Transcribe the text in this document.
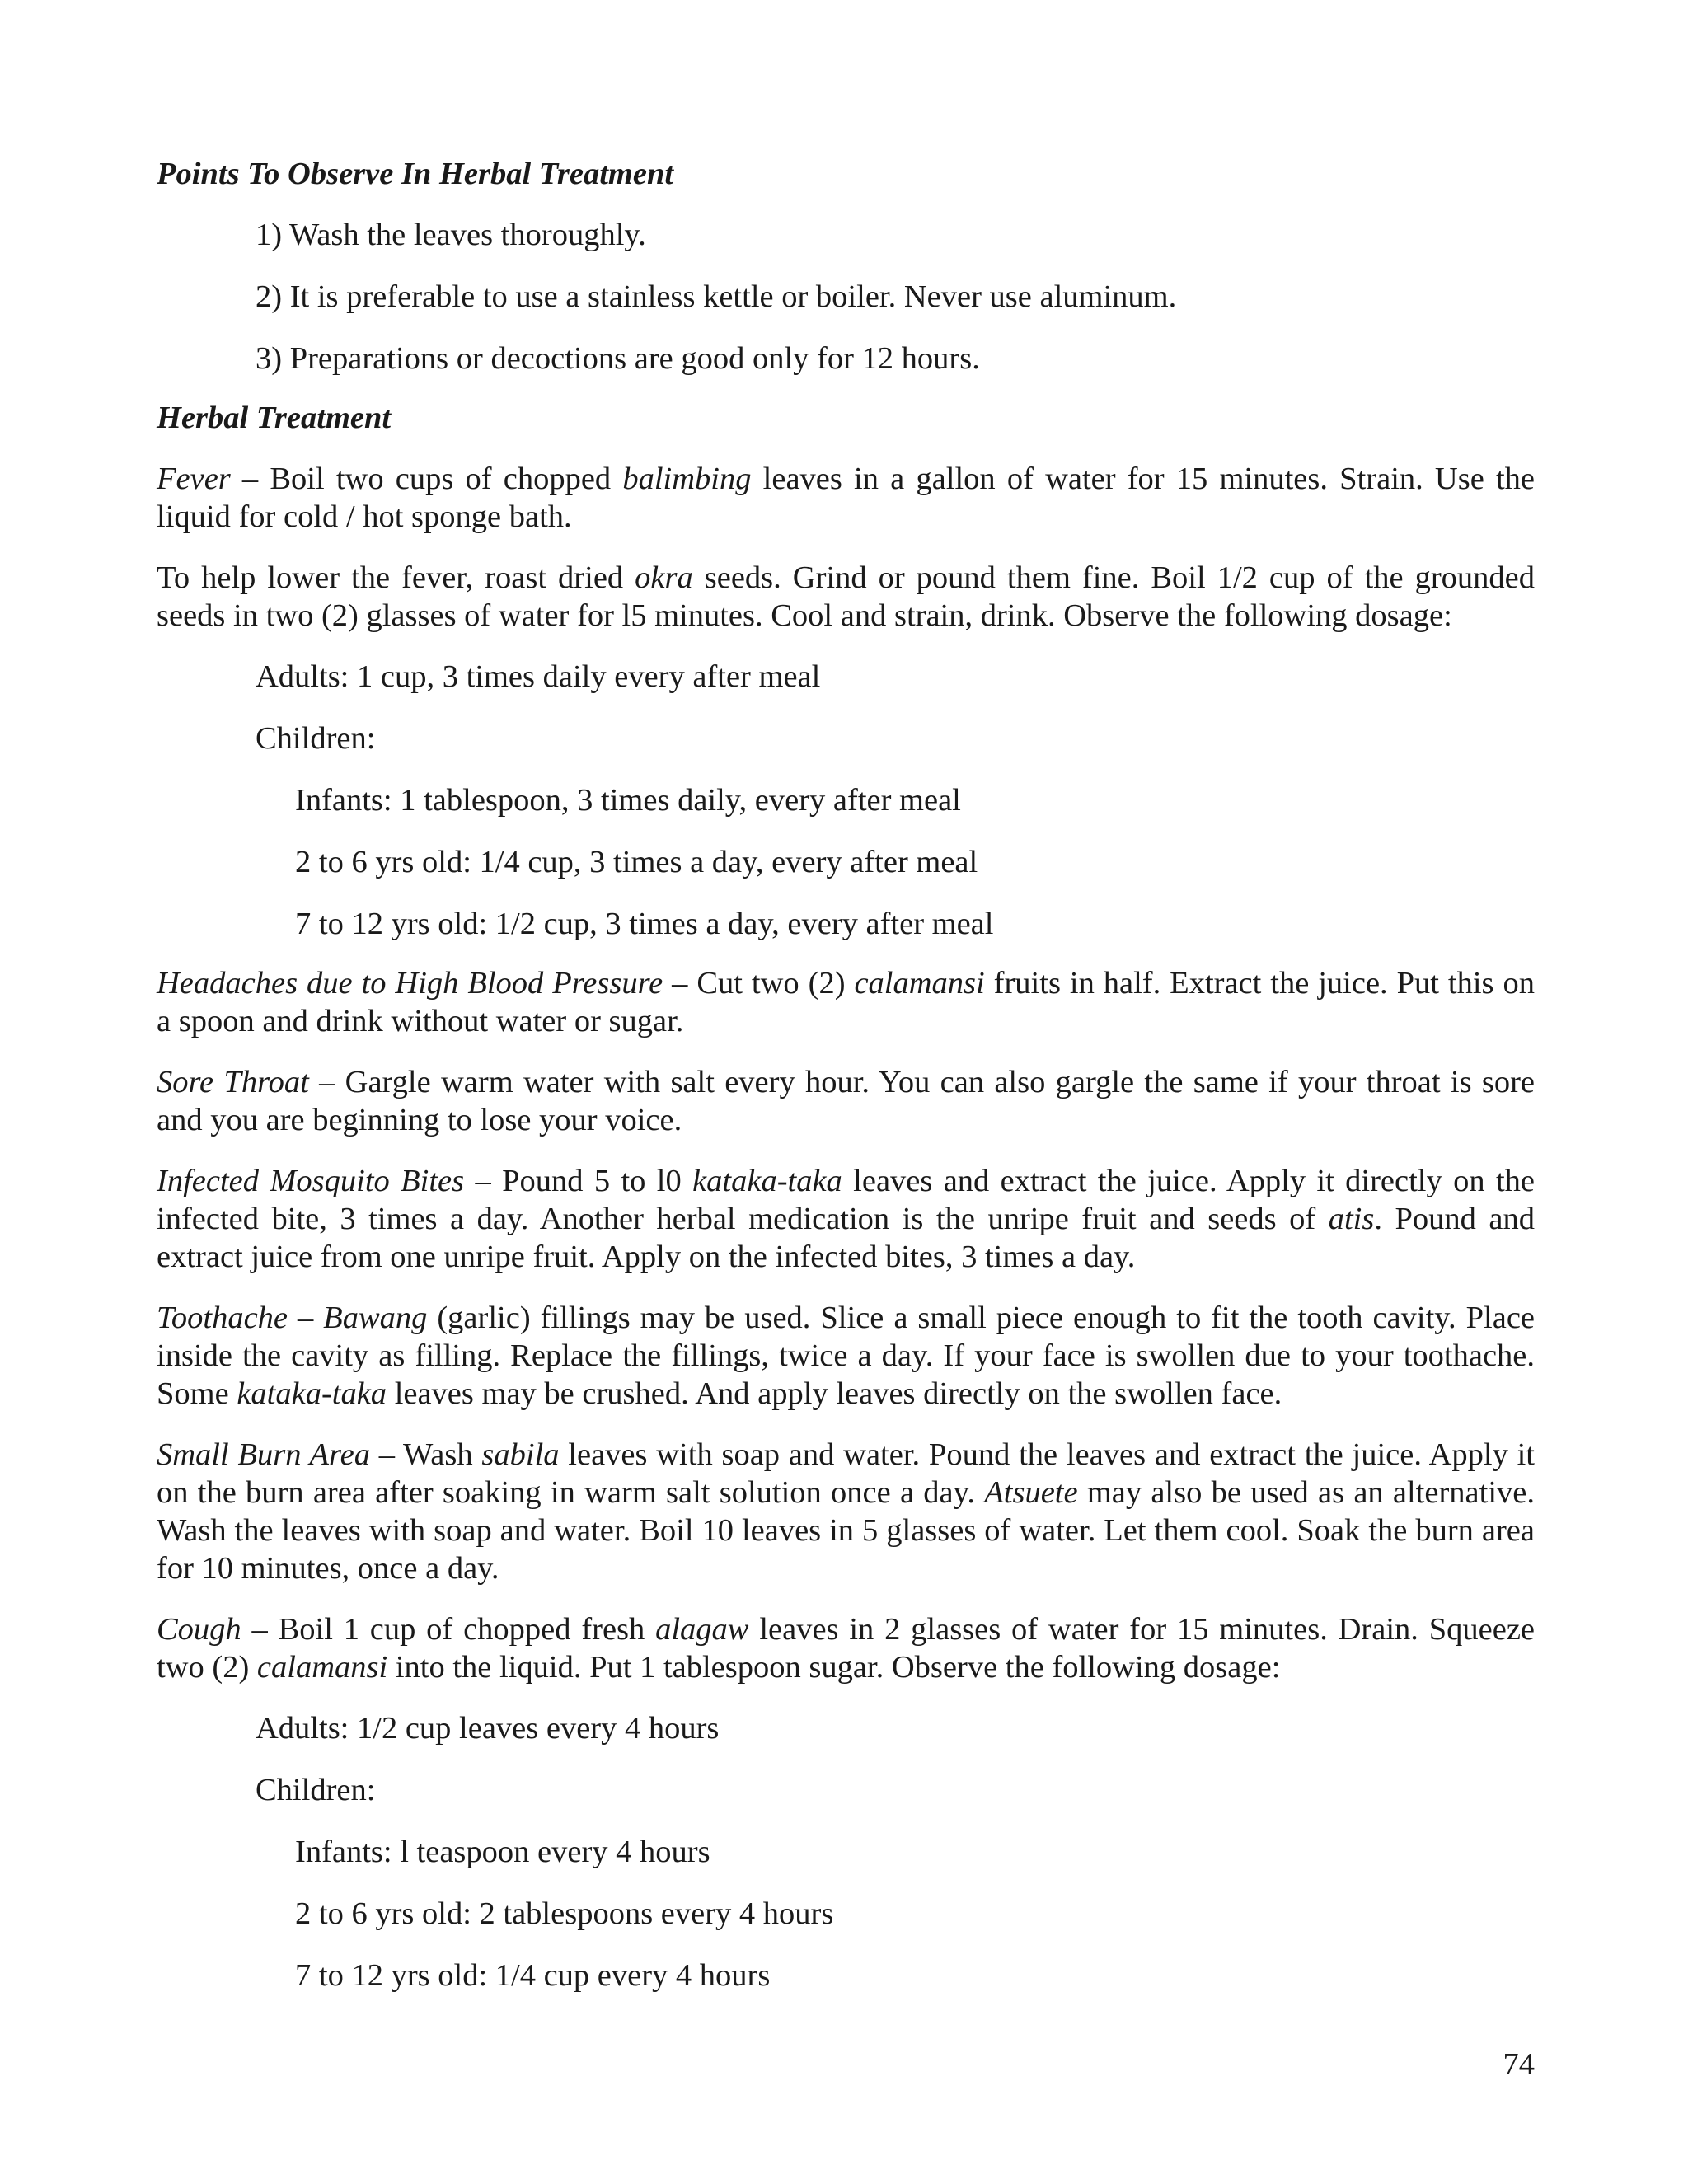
Points To Observe In Herbal Treatment
1) Wash the leaves thoroughly.
2) It is preferable to use a stainless kettle or boiler. Never use aluminum.
3) Preparations or decoctions are good only for 12 hours.
Herbal Treatment

Fever – Boil two cups of chopped balimbing leaves in a gallon of water for 15 minutes. Strain. Use the liquid for cold / hot sponge bath.

To help lower the fever, roast dried okra seeds. Grind or pound them fine. Boil 1/2 cup of the grounded seeds in two (2) glasses of water for l5 minutes. Cool and strain, drink. Observe the following dosage:

Adults: 1 cup, 3 times daily every after meal
Children:
Infants: 1 tablespoon, 3 times daily, every after meal
2 to 6 yrs old: 1/4 cup, 3 times a day, every after meal
7 to 12 yrs old: 1/2 cup, 3 times a day, every after meal

Headaches due to High Blood Pressure – Cut two (2) calamansi fruits in half. Extract the juice. Put this on a spoon and drink without water or sugar.

Sore Throat – Gargle warm water with salt every hour. You can also gargle the same if your throat is sore and you are beginning to lose your voice.

Infected Mosquito Bites – Pound 5 to l0 kataka-taka leaves and extract the juice. Apply it directly on the infected bite, 3 times a day. Another herbal medication is the unripe fruit and seeds of atis. Pound and extract juice from one unripe fruit. Apply on the infected bites, 3 times a day.

Toothache – Bawang (garlic) fillings may be used. Slice a small piece enough to fit the tooth cavity. Place inside the cavity as filling. Replace the fillings, twice a day. If your face is swollen due to your toothache. Some kataka-taka leaves may be crushed. And apply leaves directly on the swollen face.

Small Burn Area – Wash sabila leaves with soap and water. Pound the leaves and extract the juice. Apply it on the burn area after soaking in warm salt solution once a day. Atsuete may also be used as an alternative. Wash the leaves with soap and water. Boil 10 leaves in 5 glasses of water. Let them cool. Soak the burn area for 10 minutes, once a day.

Cough – Boil 1 cup of chopped fresh alagaw leaves in 2 glasses of water for 15 minutes. Drain. Squeeze two (2) calamansi into the liquid. Put 1 tablespoon sugar. Observe the following dosage:

Adults: 1/2 cup leaves every 4 hours
Children:
Infants: l teaspoon every 4 hours
2 to 6 yrs old: 2 tablespoons every 4 hours
7 to 12 yrs old: 1/4 cup every 4 hours
74
